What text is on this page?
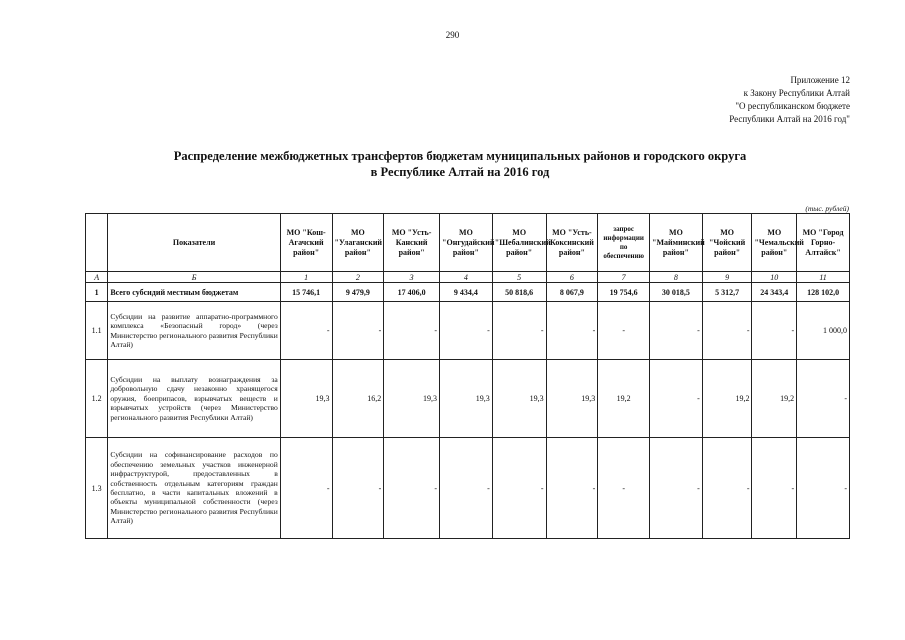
290
Приложение 12
к Закону Республики Алтай
"О республиканском бюджете
Республики Алтай на 2016 год"
Распределение межбюджетных трансфертов бюджетам муниципальных районов и городского округа
в Республике Алтай на 2016 год
(тыс. рублей)
	Показатели	МО "Кош-Агачский район"	МО "Улаганский район"	МО "Усть-Канский район"	МО "Онгудайский район"	МО "Шебалинский район"	МО "Усть-Коксинский район"	запрос информации по обеспечению	МО "Майминский район"	МО "Чойский район"	МО "Чемальский район"	МО "Город Горно-Алтайск"
А	Б	1	2	3	4	5	6	7	8	9	10	11
1	Всего субсидий местным бюджетам	15 746,1	9 479,9	17 406,0	9 434,4	50 818,6	8 067,9	19 754,6	30 018,5	5 312,7	24 343,4	128 102,0
1.1	Субсидии на развитие аппаратно-программного комплекса «Безопасный город» (через Министерство регионального развития Республики Алтай)	-	-	-	-	-	-	-	-	-	-	1 000,0
1.2	Субсидии на выплату вознаграждения за добровольную сдачу незаконно хранящегося оружия, боеприпасов, взрывчатых веществ и взрывчатых устройств (через Министерство регионального развития Республики Алтай)	19,3	16,2	19,3	19,3	19,3	19,3	19,2	-	19,2	19,2	-
1.3	Субсидии на софинансирование расходов по обеспечению земельных участков инженерной инфраструктурой, предоставленных в собственность отдельным категориям граждан бесплатно, в части капитальных вложений в объекты муниципальной собственности (через Министерство регионального развития Республики Алтай)	-	-	-	-	-	-	-	-	-	-	-
